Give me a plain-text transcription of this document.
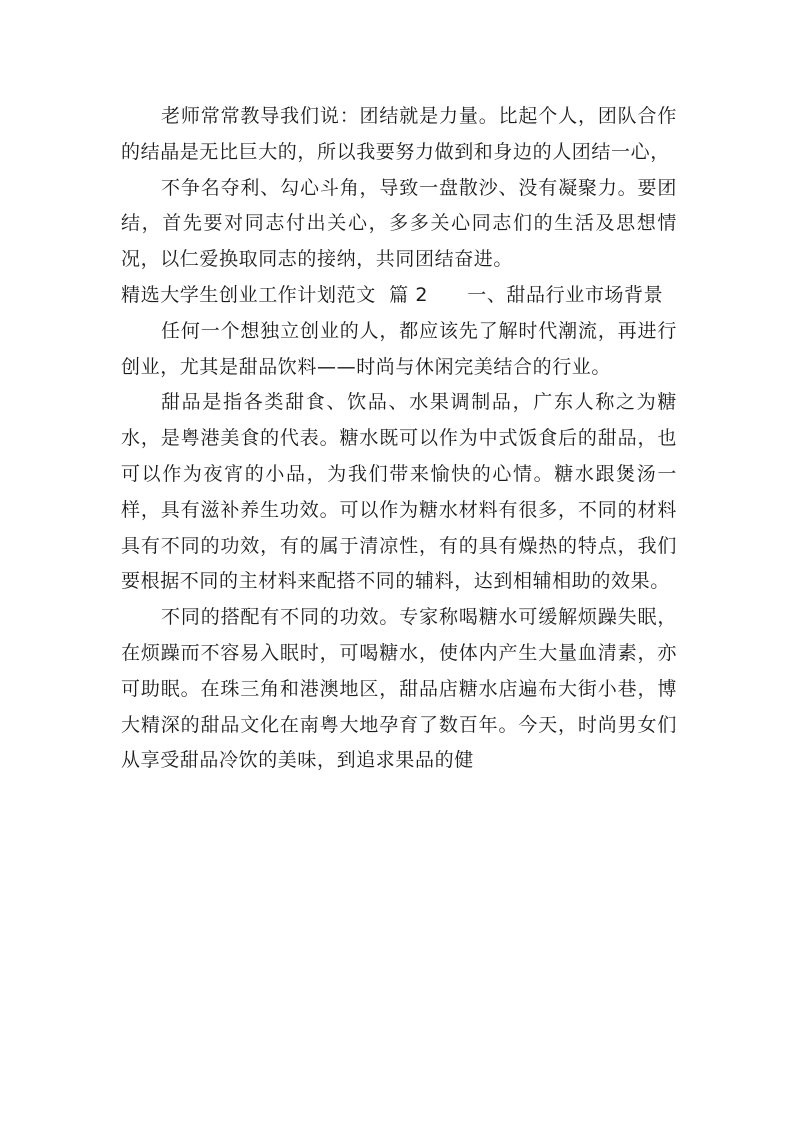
老师常常教导我们说：团结就是力量。比起个人，团队合作的结晶是无比巨大的，所以我要努力做到和身边的人团结一心，

不争名夺利、勾心斗角，导致一盘散沙、没有凝聚力。要团结，首先要对同志付出关心，多多关心同志们的生活及思想情况，以仁爱换取同志的接纳，共同团结奋进。

精选大学生创业工作计划范文  篇 2　　 一、甜品行业市场背景

任何一个想独立创业的人，都应该先了解时代潮流，再进行创业，尤其是甜品饮料——时尚与休闲完美结合的行业。

甜品是指各类甜食、饮品、水果调制品，广东人称之为糖水，是粤港美食的代表。糖水既可以作为中式饭食后的甜品，也可以作为夜宵的小品，为我们带来愉快的心情。糖水跟煲汤一样，具有滋补养生功效。可以作为糖水材料有很多，不同的材料具有不同的功效，有的属于清凉性，有的具有燥热的特点，我们要根据不同的主材料来配搭不同的辅料，达到相辅相助的效果。

不同的搭配有不同的功效。专家称喝糖水可缓解烦躁失眠，在烦躁而不容易入眠时，可喝糖水，使体内产生大量血清素，亦可助眠。在珠三角和港澳地区，甜品店糖水店遍布大街小巷，博大精深的甜品文化在南粤大地孕育了数百年。今天，时尚男女们从享受甜品冷饮的美味，到追求果品的健
